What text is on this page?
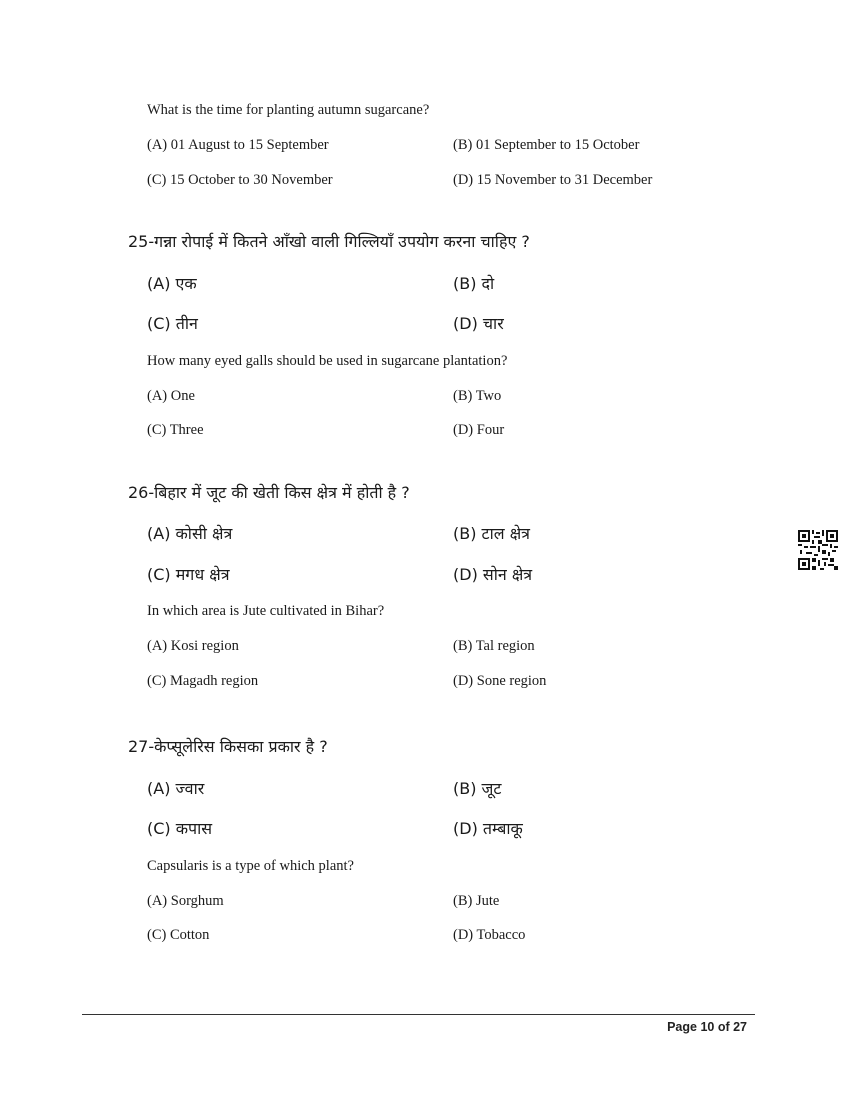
What is the time for planting autumn sugarcane?
(A) 01 August to 15 September	(B) 01 September to 15 October
(C) 15 October to 30 November	(D) 15 November to 31 December
25-गन्ना रोपाई में कितने आँखो वाली गिल्लियाँ उपयोग करना चाहिए ?
(A) एक	(B) दो
(C) तीन	(D) चार
How many eyed galls should be used in sugarcane plantation?
(A) One	(B) Two
(C) Three	(D) Four
26-बिहार में जूट की खेती किस क्षेत्र में होती है ?
(A) कोसी क्षेत्र	(B) टाल क्षेत्र
(C) मगध क्षेत्र	(D) सोन क्षेत्र
In which area is Jute cultivated in Bihar?
(A) Kosi region	(B) Tal region
(C) Magadh region	(D) Sone region
27-केप्सूलेरिस किसका प्रकार है ?
(A) ज्वार	(B) जूट
(C) कपास	(D) तम्बाकू
Capsularis is a type of which plant?
(A) Sorghum	(B) Jute
(C) Cotton	(D) Tobacco
Page 10 of 27
